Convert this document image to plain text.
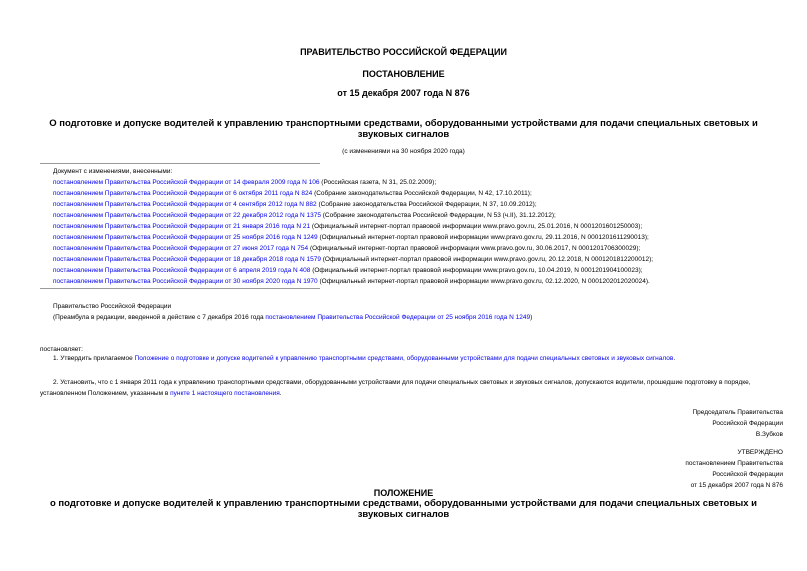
ПРАВИТЕЛЬСТВО РОССИЙСКОЙ ФЕДЕРАЦИИ
ПОСТАНОВЛЕНИЕ
от 15 декабря 2007 года N 876
О подготовке и допуске водителей к управлению транспортными средствами, оборудованными устройствами для подачи специальных световых и звуковых сигналов
(с изменениями на 30 ноября 2020 года)
Документ с изменениями, внесенными:
постановлением Правительства Российской Федерации от 14 февраля 2009 года N 106 (Российская газета, N 31, 25.02.2009);
постановлением Правительства Российской Федерации от 6 октября 2011 года N 824 (Собрание законодательства Российской Федерации, N 42, 17.10.2011);
постановлением Правительства Российской Федерации от 4 сентября 2012 года N 882 (Собрание законодательства Российской Федерации, N 37, 10.09.2012);
постановлением Правительства Российской Федерации от 22 декабря 2012 года N 1375 (Собрание законодательства Российской Федерации, N 53 (ч.II), 31.12.2012);
постановлением Правительства Российской Федерации от 21 января 2016 года N 21 (Официальный интернет-портал правовой информации www.pravo.gov.ru, 25.01.2016, N 0001201601250003);
постановлением Правительства Российской Федерации от 25 ноября 2016 года N 1249 (Официальный интернет-портал правовой информации www.pravo.gov.ru, 29.11.2016, N 0001201611290013);
постановлением Правительства Российской Федерации от 27 июня 2017 года N 754 (Официальный интернет-портал правовой информации www.pravo.gov.ru, 30.06.2017, N 0001201706300029);
постановлением Правительства Российской Федерации от 18 декабря 2018 года N 1579 (Официальный интернет-портал правовой информации www.pravo.gov.ru, 20.12.2018, N 0001201812200012);
постановлением Правительства Российской Федерации от 6 апреля 2019 года N 408 (Официальный интернет-портал правовой информации www.pravo.gov.ru, 10.04.2019, N 0001201904100023);
постановлением Правительства Российской Федерации от 30 ноября 2020 года N 1970 (Официальный интернет-портал правовой информации www.pravo.gov.ru, 02.12.2020, N 0001202012020024).
Правительство Российской Федерации
(Преамбула в редакции, введенной в действие с 7 декабря 2016 года постановлением Правительства Российской Федерации от 25 ноября 2016 года N 1249)
постановляет:
1. Утвердить прилагаемое Положение о подготовке и допуске водителей к управлению транспортными средствами, оборудованными устройствами для подачи специальных световых и звуковых сигналов.
2. Установить, что с 1 января 2011 года к управлению транспортными средствами, оборудованными устройствами для подачи специальных световых и звуковых сигналов, допускаются водители, прошедшие подготовку в порядке, установленном Положением, указанным в пункте 1 настоящего постановления.
Председатель Правительства
Российской Федерации
В.Зубков
УТВЕРЖДЕНО
постановлением Правительства
Российской Федерации
от 15 декабря 2007 года N 876
ПОЛОЖЕНИЕ
о подготовке и допуске водителей к управлению транспортными средствами, оборудованными устройствами для подачи специальных световых и звуковых сигналов
